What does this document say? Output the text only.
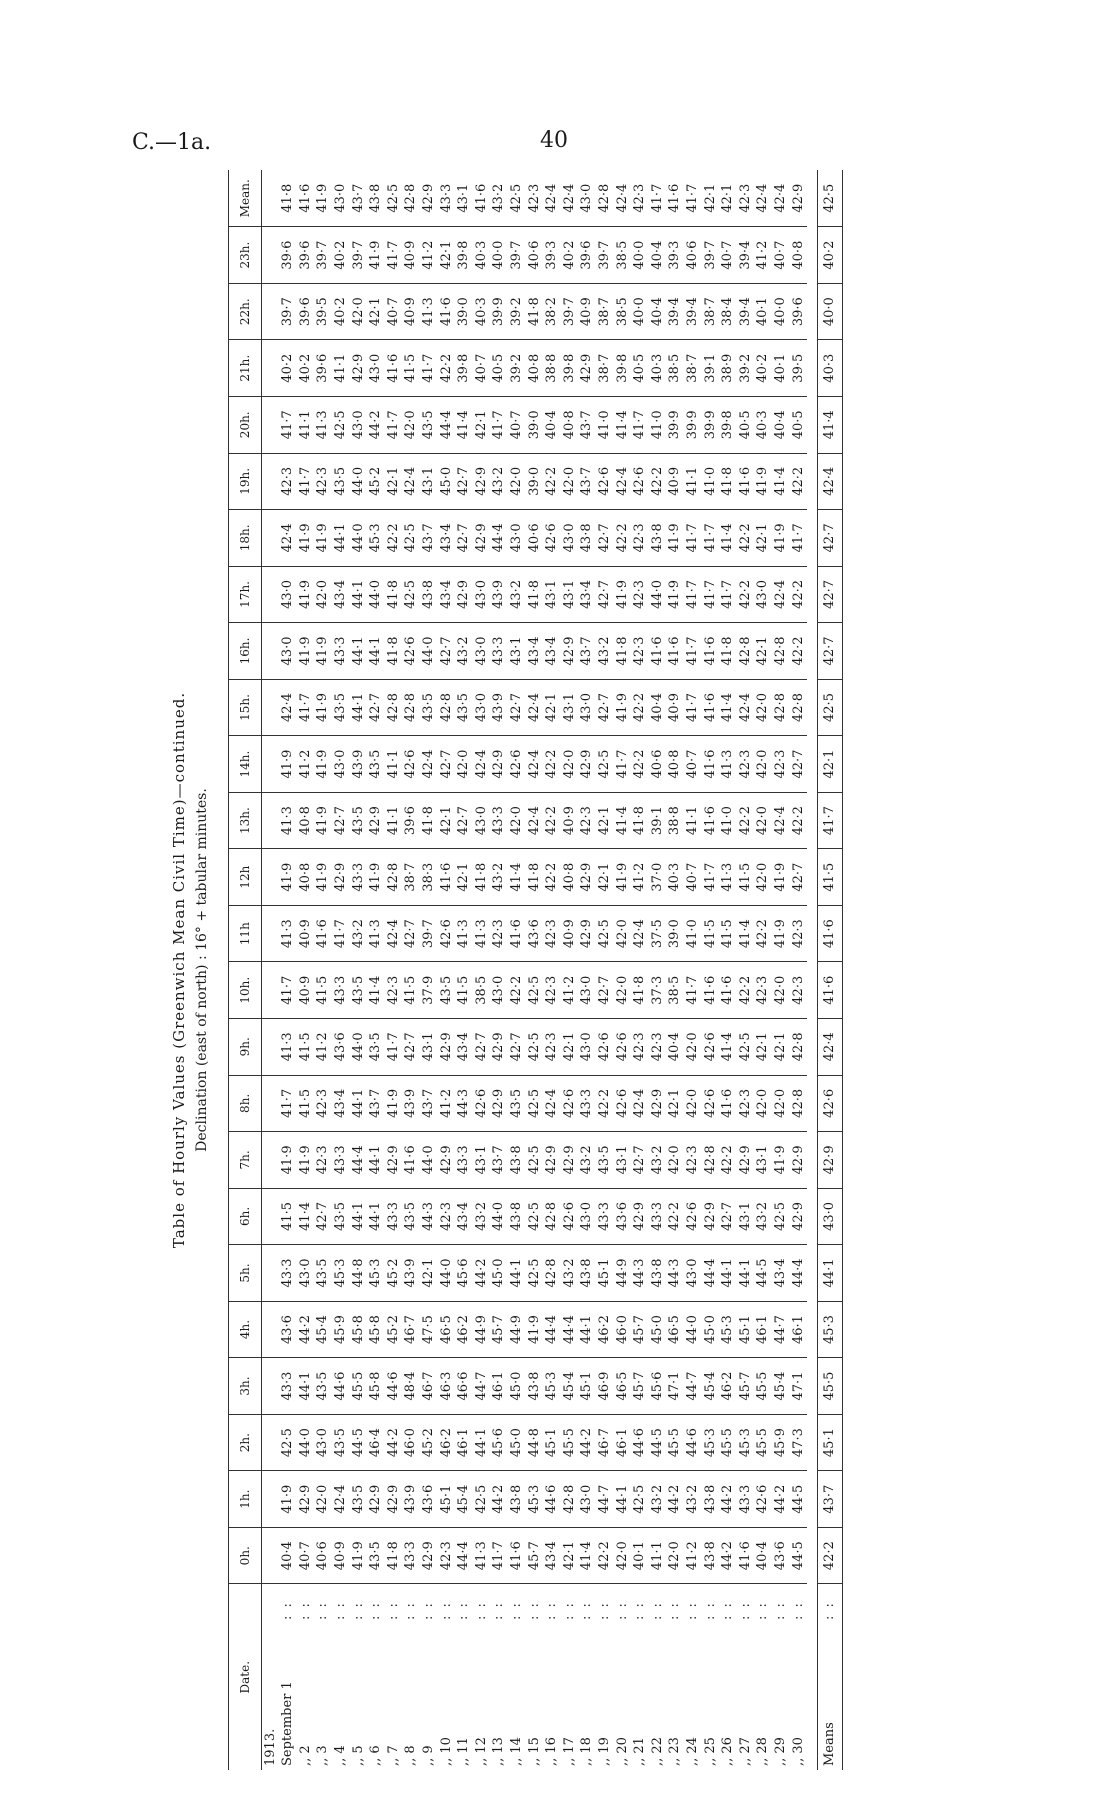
C.—1a.	40
Table of Hourly Values (Greenwich Mean Civil Time)—continued. Declination (east of north) : 16° + tabular minutes.
Date.		0h.	1h.	2h.	3h.	4h.	5h.	6h.	7h.	8h.	9h.	10h.	11h	12h	13h.	14h.	15h.	16h.	17h.	18h.	19h.	20h.	21h.	22h.	23h.	Mean.
1913.																										
September 1	: :	40·4	41·9	42·5	43·3	43·6	43·3	41·5	41·9	41·7	41·3	41·7	41·3	41·9	41·3	41·9	42·4	43·0	43·0	42·4	42·3	41·7	40·2	39·7	39·6	41·8
,, 2	: :	40·7	42·9	44·0	44·1	44·2	43·0	41·4	41·9	41·5	41·5	40·9	40·9	40·8	40·8	41·2	41·7	41·9	41·9	41·9	41·7	41·1	40·2	39·6	39·6	41·6
,, 3	: :	40·6	42·0	43·0	43·5	45·4	43·5	42·7	42·3	42·3	41·2	41·5	41·6	41·9	41·9	41·9	41·9	41·9	42·0	41·9	42·3	41·3	39·6	39·5	39·7	41·9
,, 4	: :	40·9	42·4	43·5	44·6	45·9	45·3	43·5	43·3	43·4	43·6	43·3	41·7	42·9	42·7	43·0	43·5	43·3	43·4	44·1	43·5	42·5	41·1	40·2	40·2	43·0
,, 5	: :	41·9	43·5	44·5	45·5	45·8	44·8	44·1	44·4	44·1	44·0	43·5	43·2	43·3	43·5	43·9	44·1	44·1	44·1	44·0	44·0	43·0	42·9	42·0	39·7	43·7
,, 6	: :	43·5	42·9	46·4	45·8	45·8	45·3	44·1	44·1	43·7	43·5	41·4	41·3	41·9	42·9	43·5	42·7	44·1	44·0	45·3	45·2	44·2	43·0	42·1	41·9	43·8
,, 7	: :	41·8	42·9	44·2	44·6	45·2	45·2	43·3	42·9	41·9	41·7	42·3	42·4	42·8	41·1	41·1	42·8	41·8	41·8	42·2	42·1	41·7	41·6	40·7	41·7	42·5
,, 8	: :	43·3	43·9	46·0	48·4	46·7	43·9	43·5	41·6	43·9	42·7	41·5	42·7	38·7	39·6	42·6	42·8	42·6	42·5	42·5	42·4	42·0	41·5	40·9	40·9	42·8
,, 9	: :	42·9	43·6	45·2	46·7	47·5	42·1	44·3	44·0	43·7	43·1	37·9	39·7	38·3	41·8	42·4	43·5	44·0	43·8	43·7	43·1	43·5	41·7	41·3	41·2	42·9
,, 10	: :	42·3	45·1	46·2	46·3	46·5	44·0	42·3	42·9	41·2	42·9	43·5	42·6	41·6	42·1	42·7	42·8	42·7	43·4	43·4	45·0	44·4	42·2	41·6	42·1	43·3
,, 11	: :	44·4	45·4	46·1	46·6	46·2	45·6	43·4	43·3	44·3	43·4	41·5	41·3	42·1	42·7	42·0	43·5	43·2	42·9	42·7	42·7	41·4	39·8	39·0	39·8	43·1
,, 12	: :	41·3	42·5	44·1	44·7	44·9	44·2	43·2	43·1	42·6	42·7	38·5	41·3	41·8	43·0	42·4	43·0	43·0	43·0	42·9	42·9	42·1	40·7	40·3	40·3	41·6
,, 13	: :	41·7	44·2	45·6	46·1	45·7	45·0	44·0	43·7	42·9	42·9	43·0	42·3	43·2	43·3	42·9	43·9	43·3	43·9	44·4	43·2	41·7	40·5	39·9	40·0	43·2
,, 14	: :	41·6	43·8	45·0	45·0	44·9	44·1	43·8	43·8	43·5	42·7	42·2	41·6	41·4	42·0	42·6	42·7	43·1	43·2	43·0	42·0	40·7	39·2	39·2	39·7	42·5
,, 15	: :	45·7	45·3	44·8	43·8	41·9	42·5	42·5	42·5	42·5	42·5	42·5	43·6	41·8	42·4	42·4	42·4	43·4	41·8	40·6	39·0	39·0	40·8	41·8	40·6	42·3
,, 16	: :	43·4	44·6	45·1	45·3	44·4	42·8	42·8	42·9	42·4	42·3	42·3	42·3	42·2	42·2	42·2	42·1	43·4	43·1	42·6	42·2	40·4	38·8	38·2	39·3	42·4
,, 17	: :	42·1	42·8	45·5	45·4	44·4	43·2	42·6	42·9	42·6	42·1	41·2	40·9	40·8	40·9	42·0	43·1	42·9	43·1	43·0	42·0	40·8	39·8	39·7	40·2	42·4
,, 18	: :	41·4	43·0	44·2	45·1	44·1	43·8	43·0	43·2	43·3	43·0	43·0	42·9	42·9	42·3	42·9	43·0	43·7	43·4	43·8	43·7	43·7	42·9	40·9	39·6	43·0
,, 19	: :	42·2	44·7	46·7	46·9	46·2	45·1	43·3	43·5	42·2	42·6	42·7	42·5	42·1	42·1	42·5	42·7	43·2	42·7	42·7	42·6	41·0	38·7	38·7	39·7	42·8
,, 20	: :	42·0	44·1	46·1	46·5	46·0	44·9	43·6	43·1	42·6	42·6	42·0	42·0	41·9	41·4	41·7	41·9	41·8	41·9	42·2	42·4	41·4	39·8	38·5	38·5	42·4
,, 21	: :	40·1	42·5	44·6	45·7	45·7	44·3	42·9	42·7	42·4	42·3	41·8	42·4	41·2	41·8	42·2	42·2	42·3	42·3	42·3	42·6	41·7	40·5	40·0	40·0	42·3
,, 22	: :	41·1	43·2	44·5	45·6	45·0	43·8	43·3	43·2	42·9	42·3	37·3	37·5	37·0	39·1	40·6	40·4	41·6	44·0	43·8	42·2	41·0	40·3	40·4	40·4	41·7
,, 23	: :	42·0	44·2	45·5	47·1	46·5	44·3	42·2	42·0	42·1	40·4	38·5	39·0	40·3	38·8	40·8	40·9	41·6	41·9	41·9	40·9	39·9	38·5	39·4	39·3	41·6
,, 24	: :	41·2	43·2	44·6	44·7	44·0	43·0	42·6	42·3	42·0	42·0	41·7	41·0	40·7	41·1	40·7	41·7	41·7	41·7	41·7	41·1	39·9	38·7	39·4	40·6	41·7
,, 25	: :	43·8	43·8	45·3	45·4	45·0	44·4	42·9	42·8	42·6	42·6	41·6	41·5	41·7	41·6	41·6	41·6	41·6	41·7	41·7	41·0	39·9	39·1	38·7	39·7	42·1
,, 26	: :	44·2	44·2	45·5	46·2	45·3	44·1	42·7	42·2	41·6	41·4	41·6	41·5	41·3	41·0	41·3	41·4	41·8	41·7	41·4	41·8	39·8	38·9	38·4	40·7	42·1
,, 27	: :	41·6	43·3	45·3	45·7	45·1	44·1	43·1	42·9	42·3	42·5	42·2	41·4	41·5	42·2	42·3	42·4	42·8	42·2	42·2	41·6	40·5	39·2	39·4	39·4	42·3
,, 28	: :	40·4	42·6	45·5	45·5	46·1	44·5	43·2	43·1	42·0	42·1	42·3	42·2	42·0	42·0	42·0	42·0	42·1	43·0	42·1	41·9	40·3	40·2	40·1	41·2	42·4
,, 29	: :	43·6	44·2	45·9	45·4	44·7	43·4	42·5	41·9	42·0	42·1	42·0	41·9	41·9	42·4	42·3	42·8	42·8	42·4	41·9	41·4	40·4	40·1	40·0	40·7	42·4
,, 30	: :	44·5	44·5	47·3	47·1	46·1	44·4	42·9	42·9	42·8	42·8	42·3	42·3	42·7	42·2	42·7	42·8	42·2	42·2	41·7	42·2	40·5	39·5	39·6	40·8	42·9

Means	: :	42·2	43·7	45·1	45·5	45·3	44·1	43·0	42·9	42·6	42·4	41·6	41·6	41·5	41·7	42·1	42·5	42·7	42·7	42·7	42·4	41·4	40·3	40·0	40·2	42·5
